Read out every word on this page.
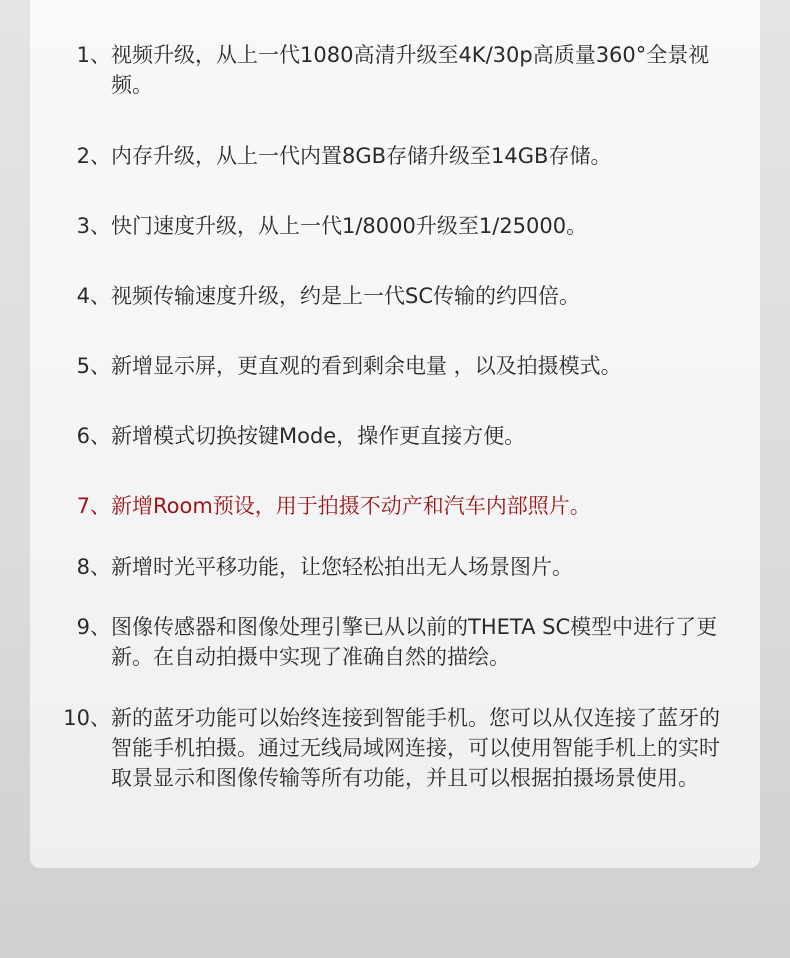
1、 视频升级，从上一代1080高清升级至4K/30p高质量360°全景视频。
2、 内存升级，从上一代内置8GB存储升级至14GB存储。
3、 快门速度升级，从上一代1/8000升级至1/25000。
4、 视频传输速度升级，约是上一代SC传输的约四倍。
5、 新增显示屏，更直观的看到剩余电量 ，以及拍摄模式。
6、 新增模式切换按键Mode，操作更直接方便。
7、 新增Room预设，用于拍摄不动产和汽车内部照片。
8、 新增时光平移功能，让您轻松拍出无人场景图片。
9、 图像传感器和图像处理引擎已从以前的THETA SC模型中进行了更新。在自动拍摄中实现了准确自然的描绘。
10、 新的蓝牙功能可以始终连接到智能手机。您可以从仅连接了蓝牙的智能手机拍摄。通过无线局域网连接，可以使用智能手机上的实时取景显示和图像传输等所有功能，并且可以根据拍摄场景使用。
